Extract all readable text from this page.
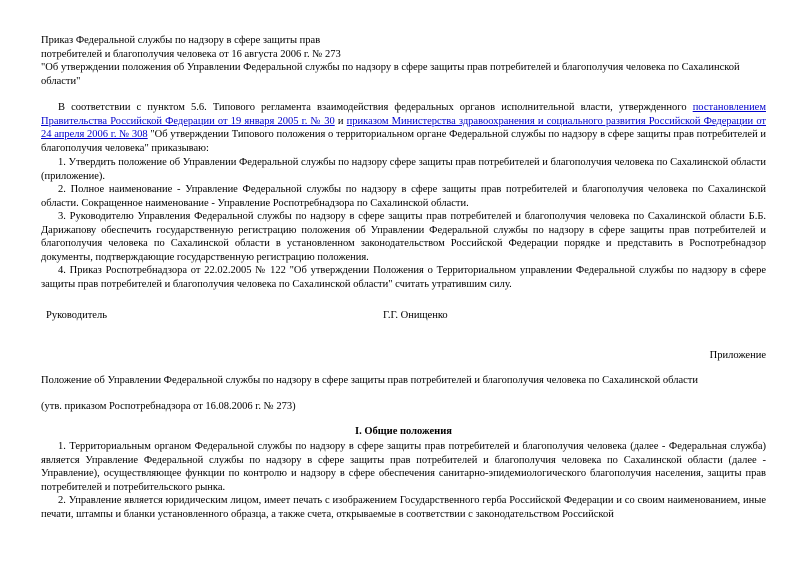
Приказ Федеральной службы по надзору в сфере защиты прав
потребителей и благополучия человека от 16 августа 2006 г. № 273
"Об утверждении положения об Управлении Федеральной службы по надзору в сфере защиты прав потребителей и благополучия человека по Сахалинской области"

В соответствии с пунктом 5.6. Типового регламента взаимодействия федеральных органов исполнительной власти, утвержденного постановлением Правительства Российской Федерации от 19 января 2005 г. № 30 и приказом Министерства здравоохранения и социального развития Российской Федерации от 24 апреля 2006 г. № 308 "Об утверждении Типового положения о территориальном органе Федеральной службы по надзору в сфере защиты прав потребителей и благополучия человека" приказываю:

1. Утвердить положение об Управлении Федеральной службы по надзору сфере защиты прав потребителей и благополучия человека по Сахалинской области (приложение).

2. Полное наименование - Управление Федеральной службы по надзору в сфере защиты прав потребителей и благополучия человека по Сахалинской области. Сокращенное наименование - Управление Роспотребнадзора по Сахалинской области.

3. Руководителю Управления Федеральной службы по надзору в сфере защиты прав потребителей и благополучия человека по Сахалинской области Б.Б. Дарижапову обеспечить государственную регистрацию положения об Управлении Федеральной службы по надзору в сфере защиты прав потребителей и благополучия человека по Сахалинской области в установленном законодательством Российской Федерации порядке и представить в Роспотребнадзор документы, подтверждающие государственную регистрацию положения.

4. Приказ Роспотребнадзора от 22.02.2005 № 122 "Об утверждении Положения о Территориальном управлении Федеральной службы по надзору в сфере защиты прав потребителей и благополучия человека по Сахалинской области" считать утратившим силу.

Руководитель	Г.Г. Онищенко
Приложение
Положение об Управлении Федеральной службы по надзору в сфере защиты прав потребителей и благополучия человека по Сахалинской области
(утв. приказом Роспотребнадзора от 16.08.2006 г. № 273)
I. Общие положения

1. Территориальным органом Федеральной службы по надзору в сфере защиты прав потребителей и благополучия человека (далее - Федеральная служба) является Управление Федеральной службы по надзору в сфере защиты прав потребителей и благополучия человека по Сахалинской области (далее - Управление), осуществляющее функции по контролю и надзору в сфере обеспечения санитарно-эпидемиологического благополучия населения, защиты прав потребителей и потребительского рынка.

2. Управление является юридическим лицом, имеет печать с изображением Государственного герба Российской Федерации и со своим наименованием, иные печати, штампы и бланки установленного образца, а также счета, открываемые в соответствии с законодательством Российской
